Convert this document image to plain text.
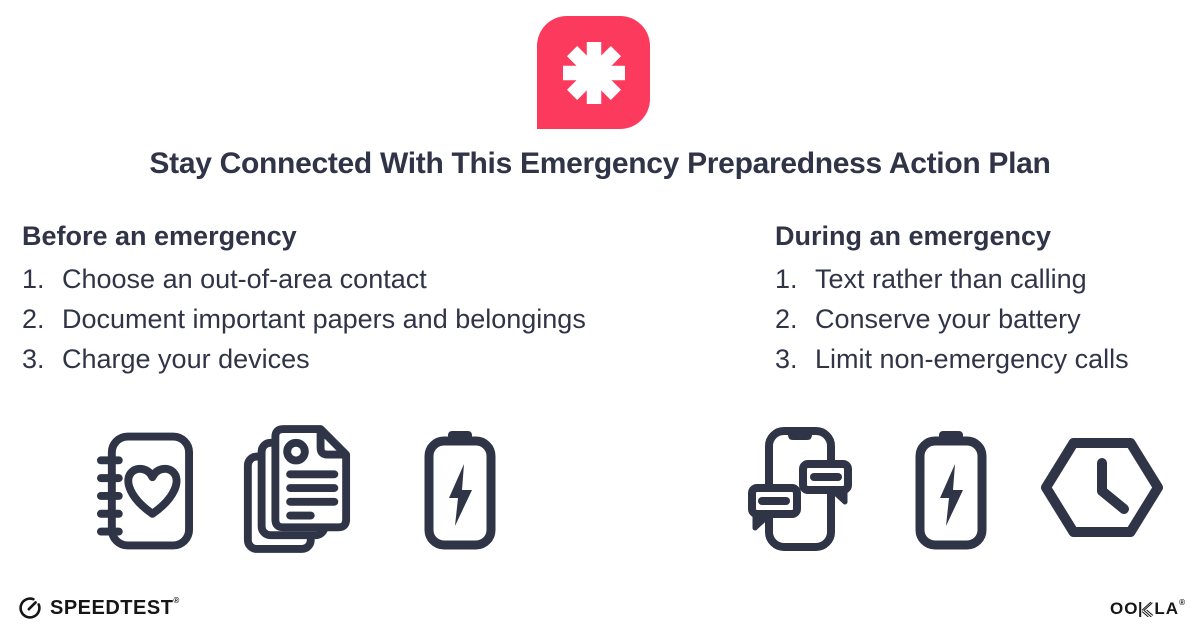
Stay Connected With This Emergency Preparedness Action Plan
Before an emergency
1. Choose an out-of-area contact
2. Document important papers and belongings
3. Charge your devices
During an emergency
1. Text rather than calling
2. Conserve your battery
3. Limit non-emergency calls
SPEEDTEST®	OO LA®
